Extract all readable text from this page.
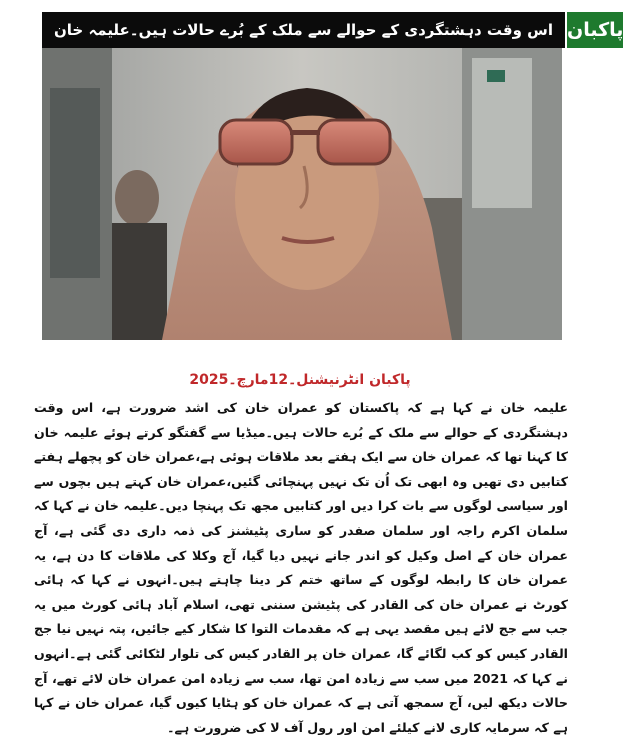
اس وقت دہشتگردی کے حوالے سے ملک کے بُرے حالات ہیں۔علیمہ خان پاکبان
پاکبان انٹرنیشنل۔12مارچ۔2025

علیمہ خان نے کہا ہے کہ پاکستان کو عمران خان کی اشد ضرورت ہے، اس وقت دہشتگردی کے حوالے سے ملک کے بُرے حالات ہیں۔میڈیا سے گفتگو کرتے ہوئے علیمہ خان کا کہنا تھا کہ عمران خان سے ایک ہفتے بعد ملاقات ہوئی ہے،عمران خان کو پچھلے ہفتے کتابیں دی تھیں وہ ابھی تک اُن تک نہیں پہنچائی گئیں،عمران خان کہتے ہیں بچوں سے اور سیاسی لوگوں سے بات کرا دیں اور کتابیں مجھ تک پہنچا دیں۔علیمہ خان نے کہا کہ سلمان اکرم راجہ اور سلمان صفدر کو ساری پٹیشنز کی ذمہ داری دی گئی ہے، آج عمران خان کے اصل وکیل کو اندر جانے نہیں دیا گیا، آج وکلا کی ملاقات کا دن ہے، یہ عمران خان کا رابطہ لوگوں کے ساتھ ختم کر دینا چاہتے ہیں۔انہوں نے کہا کہ ہائی کورٹ نے عمران خان کی القادر کی پٹیشن سننی تھی، اسلام آباد ہائی کورٹ میں یہ جب سے جج لائے ہیں مقصد یہی ہے کہ مقدمات التوا کا شکار کیے جائیں، پتہ نہیں نیا جج القادر کیس کو کب لگائے گا، عمران خان پر القادر کیس کی تلوار لٹکائی گئی ہے۔انہوں نے کہا کہ 2021 میں سب سے زیادہ امن تھا، سب سے زیادہ امن عمران خان لائے تھے، آج حالات دیکھ لیں، آج سمجھ آتی ہے کہ عمران خان کو ہٹایا کیوں گیا، عمران خان نے کہا ہے کہ سرمایہ کاری لانے کیلئے امن اور رول آف لا کی ضرورت ہے۔
